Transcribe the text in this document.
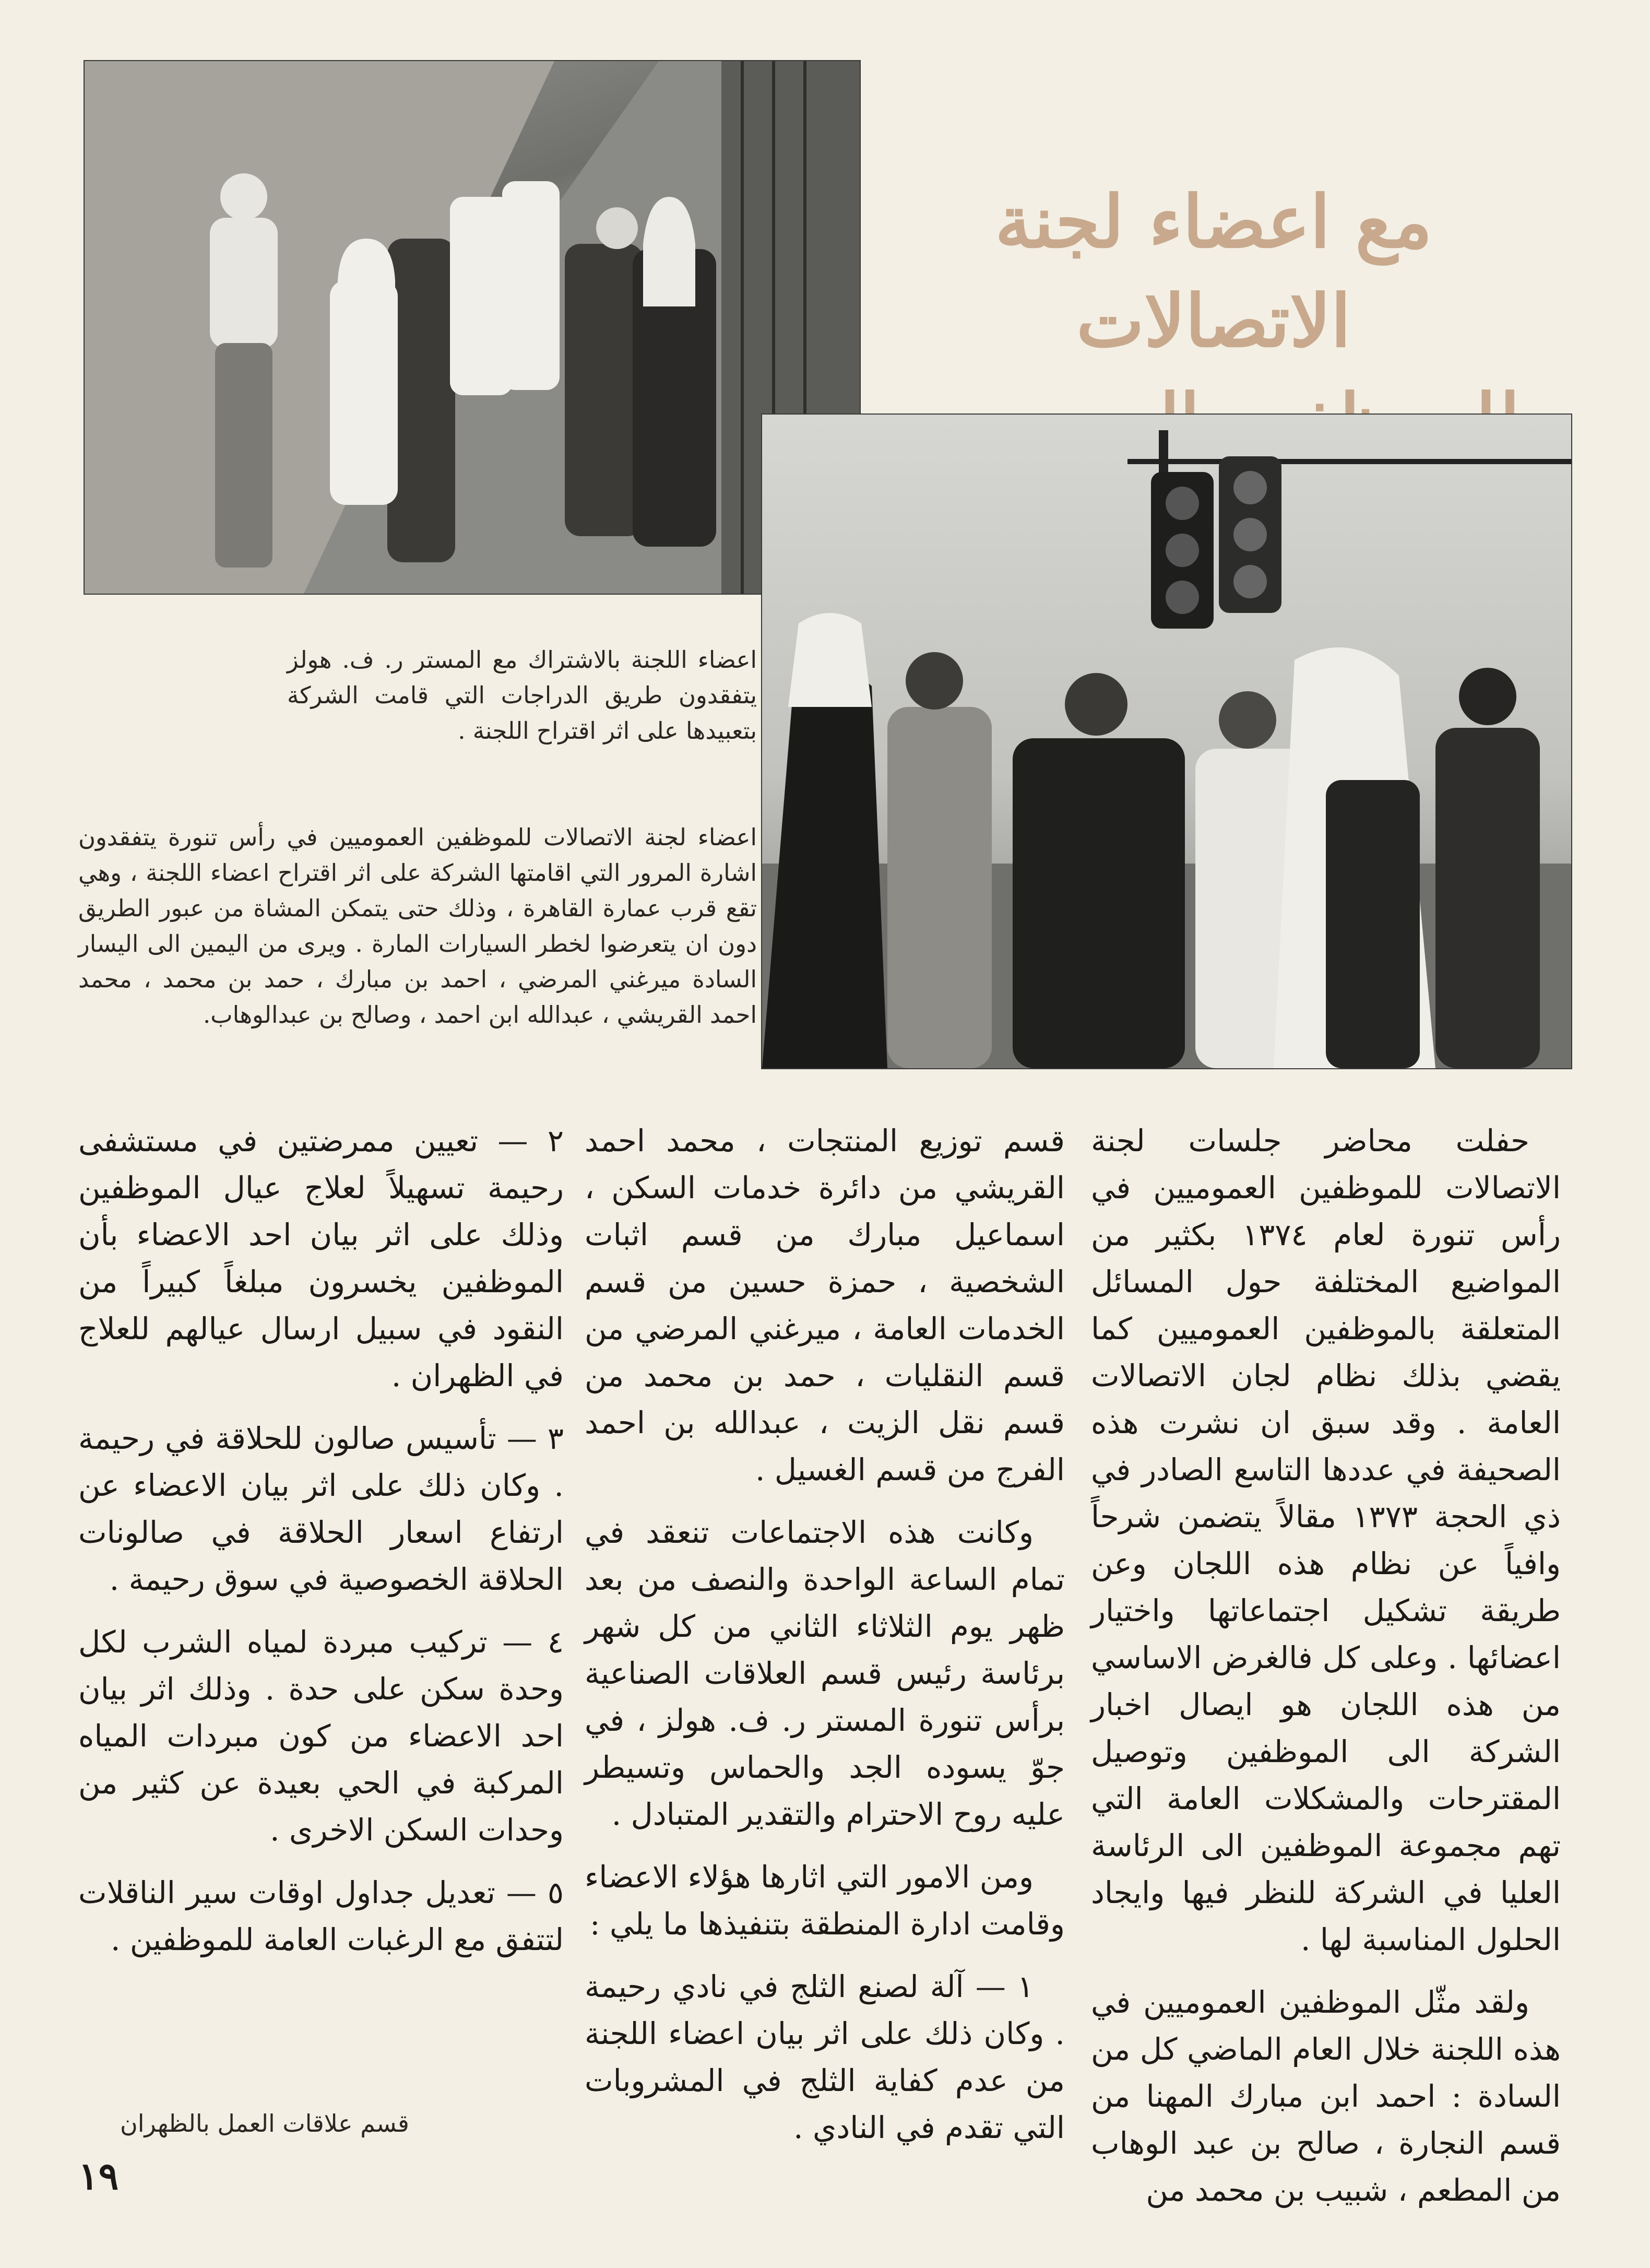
مع اعضاء لجنة الاتصالات
اعضاء اللجنة بالاشتراك مع المستر ر. ف. هولز يتفقدون طريق الدراجات التي قامت الشركة بتعبيدها على اثر اقتراح اللجنة .
اعضاء لجنة الاتصالات للموظفين العموميين في رأس تنورة يتفقدون اشارة المرور التي اقامتها الشركة على اثر اقتراح اعضاء اللجنة ، وهي تقع قرب عمارة القاهرة ، وذلك حتى يتمكن المشاة من عبور الطريق دون ان يتعرضوا لخطر السيارات المارة . ويرى من اليمين الى اليسار السادة ميرغني المرضي ، احمد بن مبارك ، حمد بن محمد ، محمد احمد القريشي ، عبدالله ابن احمد ، وصالح بن عبدالوهاب.

حفلت محاضر جلسات لجنة الاتصالات للموظفين العموميين في رأس تنورة لعام ١٣٧٤ بكثير من المواضيع المختلفة حول المسائل المتعلقة بالموظفين العموميين كما يقضي بذلك نظام لجان الاتصالات العامة . وقد سبق ان نشرت هذه الصحيفة في عددها التاسع الصادر في ذي الحجة ١٣٧٣ مقالاً يتضمن شرحاً وافياً عن نظام هذه اللجان وعن طريقة تشكيل اجتماعاتها واختيار اعضائها . وعلى كل فالغرض الاساسي من هذه اللجان هو ايصال اخبار الشركة الى الموظفين وتوصيل المقترحات والمشكلات العامة التي تهم مجموعة الموظفين الى الرئاسة العليا في الشركة للنظر فيها وايجاد الحلول المناسبة لها .

ولقد مثّل الموظفين العموميين في هذه اللجنة خلال العام الماضي كل من السادة : احمد ابن مبارك المهنا من قسم النجارة ، صالح بن عبد الوهاب من المطعم ، شبيب بن محمد من

قسم توزيع المنتجات ، محمد احمد القريشي من دائرة خدمات السكن ، اسماعيل مبارك من قسم اثبات الشخصية ، حمزة حسين من قسم الخدمات العامة ، ميرغني المرضي من قسم النقليات ، حمد بن محمد من قسم نقل الزيت ، عبدالله بن احمد الفرج من قسم الغسيل .

وكانت هذه الاجتماعات تنعقد في تمام الساعة الواحدة والنصف من بعد ظهر يوم الثلاثاء الثاني من كل شهر برئاسة رئيس قسم العلاقات الصناعية برأس تنورة المستر ر. ف. هولز ، في جوّ يسوده الجد والحماس وتسيطر عليه روح الاحترام والتقدير المتبادل .

ومن الامور التي اثارها هؤلاء الاعضاء وقامت ادارة المنطقة بتنفيذها ما يلي :

١ — آلة لصنع الثلج في نادي رحيمة . وكان ذلك على اثر بيان اعضاء اللجنة من عدم كفاية الثلج في المشروبات التي تقدم في النادي .

٢ — تعيين ممرضتين في مستشفى رحيمة تسهيلاً لعلاج عيال الموظفين وذلك على اثر بيان احد الاعضاء بأن الموظفين يخسرون مبلغاً كبيراً من النقود في سبيل ارسال عيالهم للعلاج في الظهران .

٣ — تأسيس صالون للحلاقة في رحيمة . وكان ذلك على اثر بيان الاعضاء عن ارتفاع اسعار الحلاقة في صالونات الحلاقة الخصوصية في سوق رحيمة .

٤ — تركيب مبردة لمياه الشرب لكل وحدة سكن على حدة . وذلك اثر بيان احد الاعضاء من كون مبردات المياه المركبة في الحي بعيدة عن كثير من وحدات السكن الاخرى .

٥ — تعديل جداول اوقات سير الناقلات لتتفق مع الرغبات العامة للموظفين .

قسم علاقات العمل بالظهران
١٩
